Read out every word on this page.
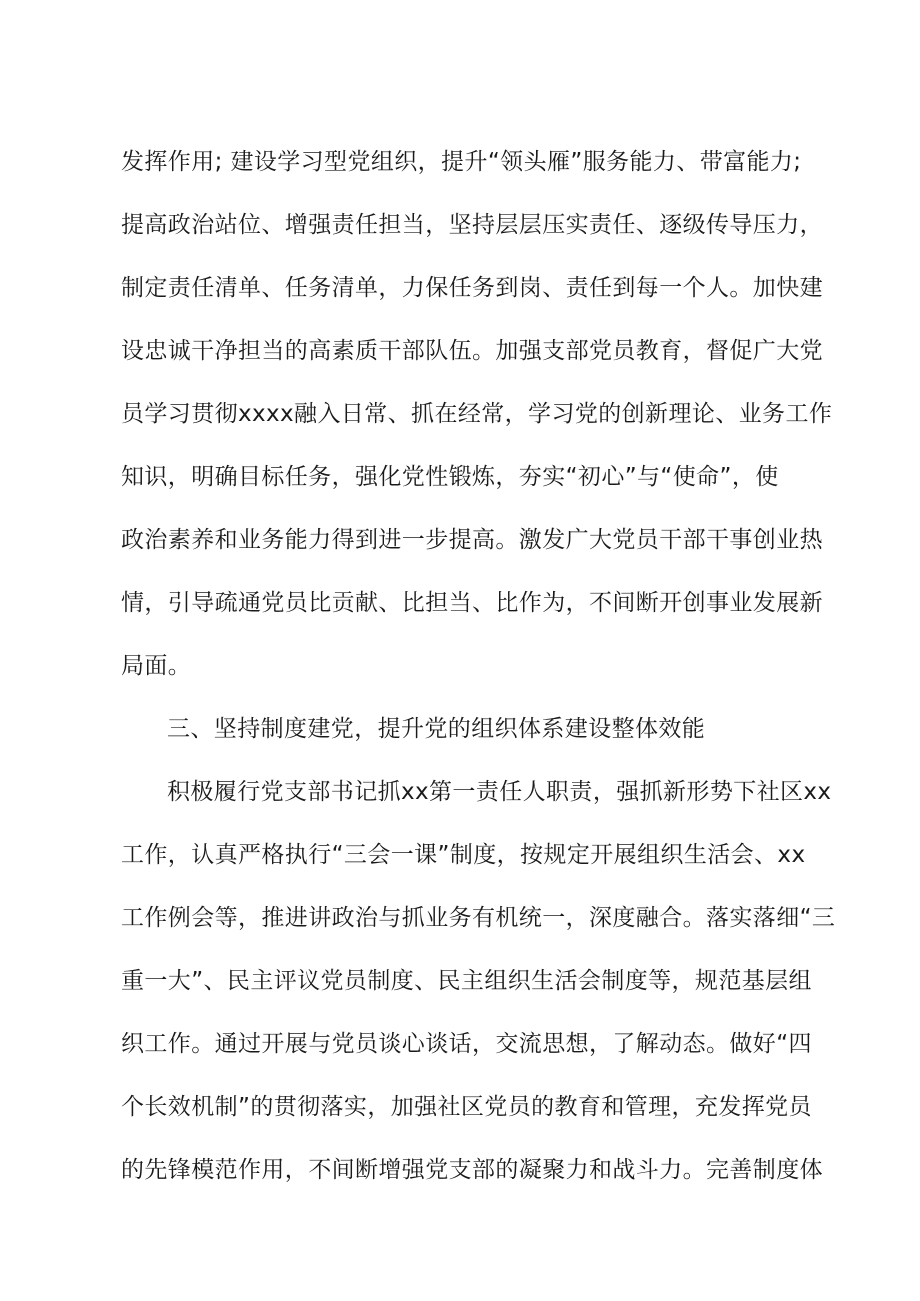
发挥作用; 建设学习型党组织，提升“领头雁”服务能力、带富能力;
提高政治站位、增强责任担当，坚持层层压实责任、逐级传导压力，
制定责任清单、任务清单，力保任务到岗、责任到每一个人。加快建
设忠诚干净担当的高素质干部队伍。加强支部党员教育，督促广大党
员学习贯彻xxxx融入日常、抓在经常，学习党的创新理论、业务工作
知识，明确目标任务，强化党性锻炼，夯实“初心”与“使命”，使
政治素养和业务能力得到进一步提高。激发广大党员干部干事创业热
情，引导疏通党员比贡献、比担当、比作为，不间断开创事业发展新
局面。
三、坚持制度建党，提升党的组织体系建设整体效能
积极履行党支部书记抓xx第一责任人职责，强抓新形势下社区xx
工作，认真严格执行“三会一课”制度，按规定开展组织生活会、xx
工作例会等，推进讲政治与抓业务有机统一，深度融合。落实落细“三
重一大”、民主评议党员制度、民主组织生活会制度等，规范基层组
织工作。通过开展与党员谈心谈话，交流思想，了解动态。做好“四
个长效机制”的贯彻落实，加强社区党员的教育和管理，充发挥党员
的先锋模范作用，不间断增强党支部的凝聚力和战斗力。完善制度体
